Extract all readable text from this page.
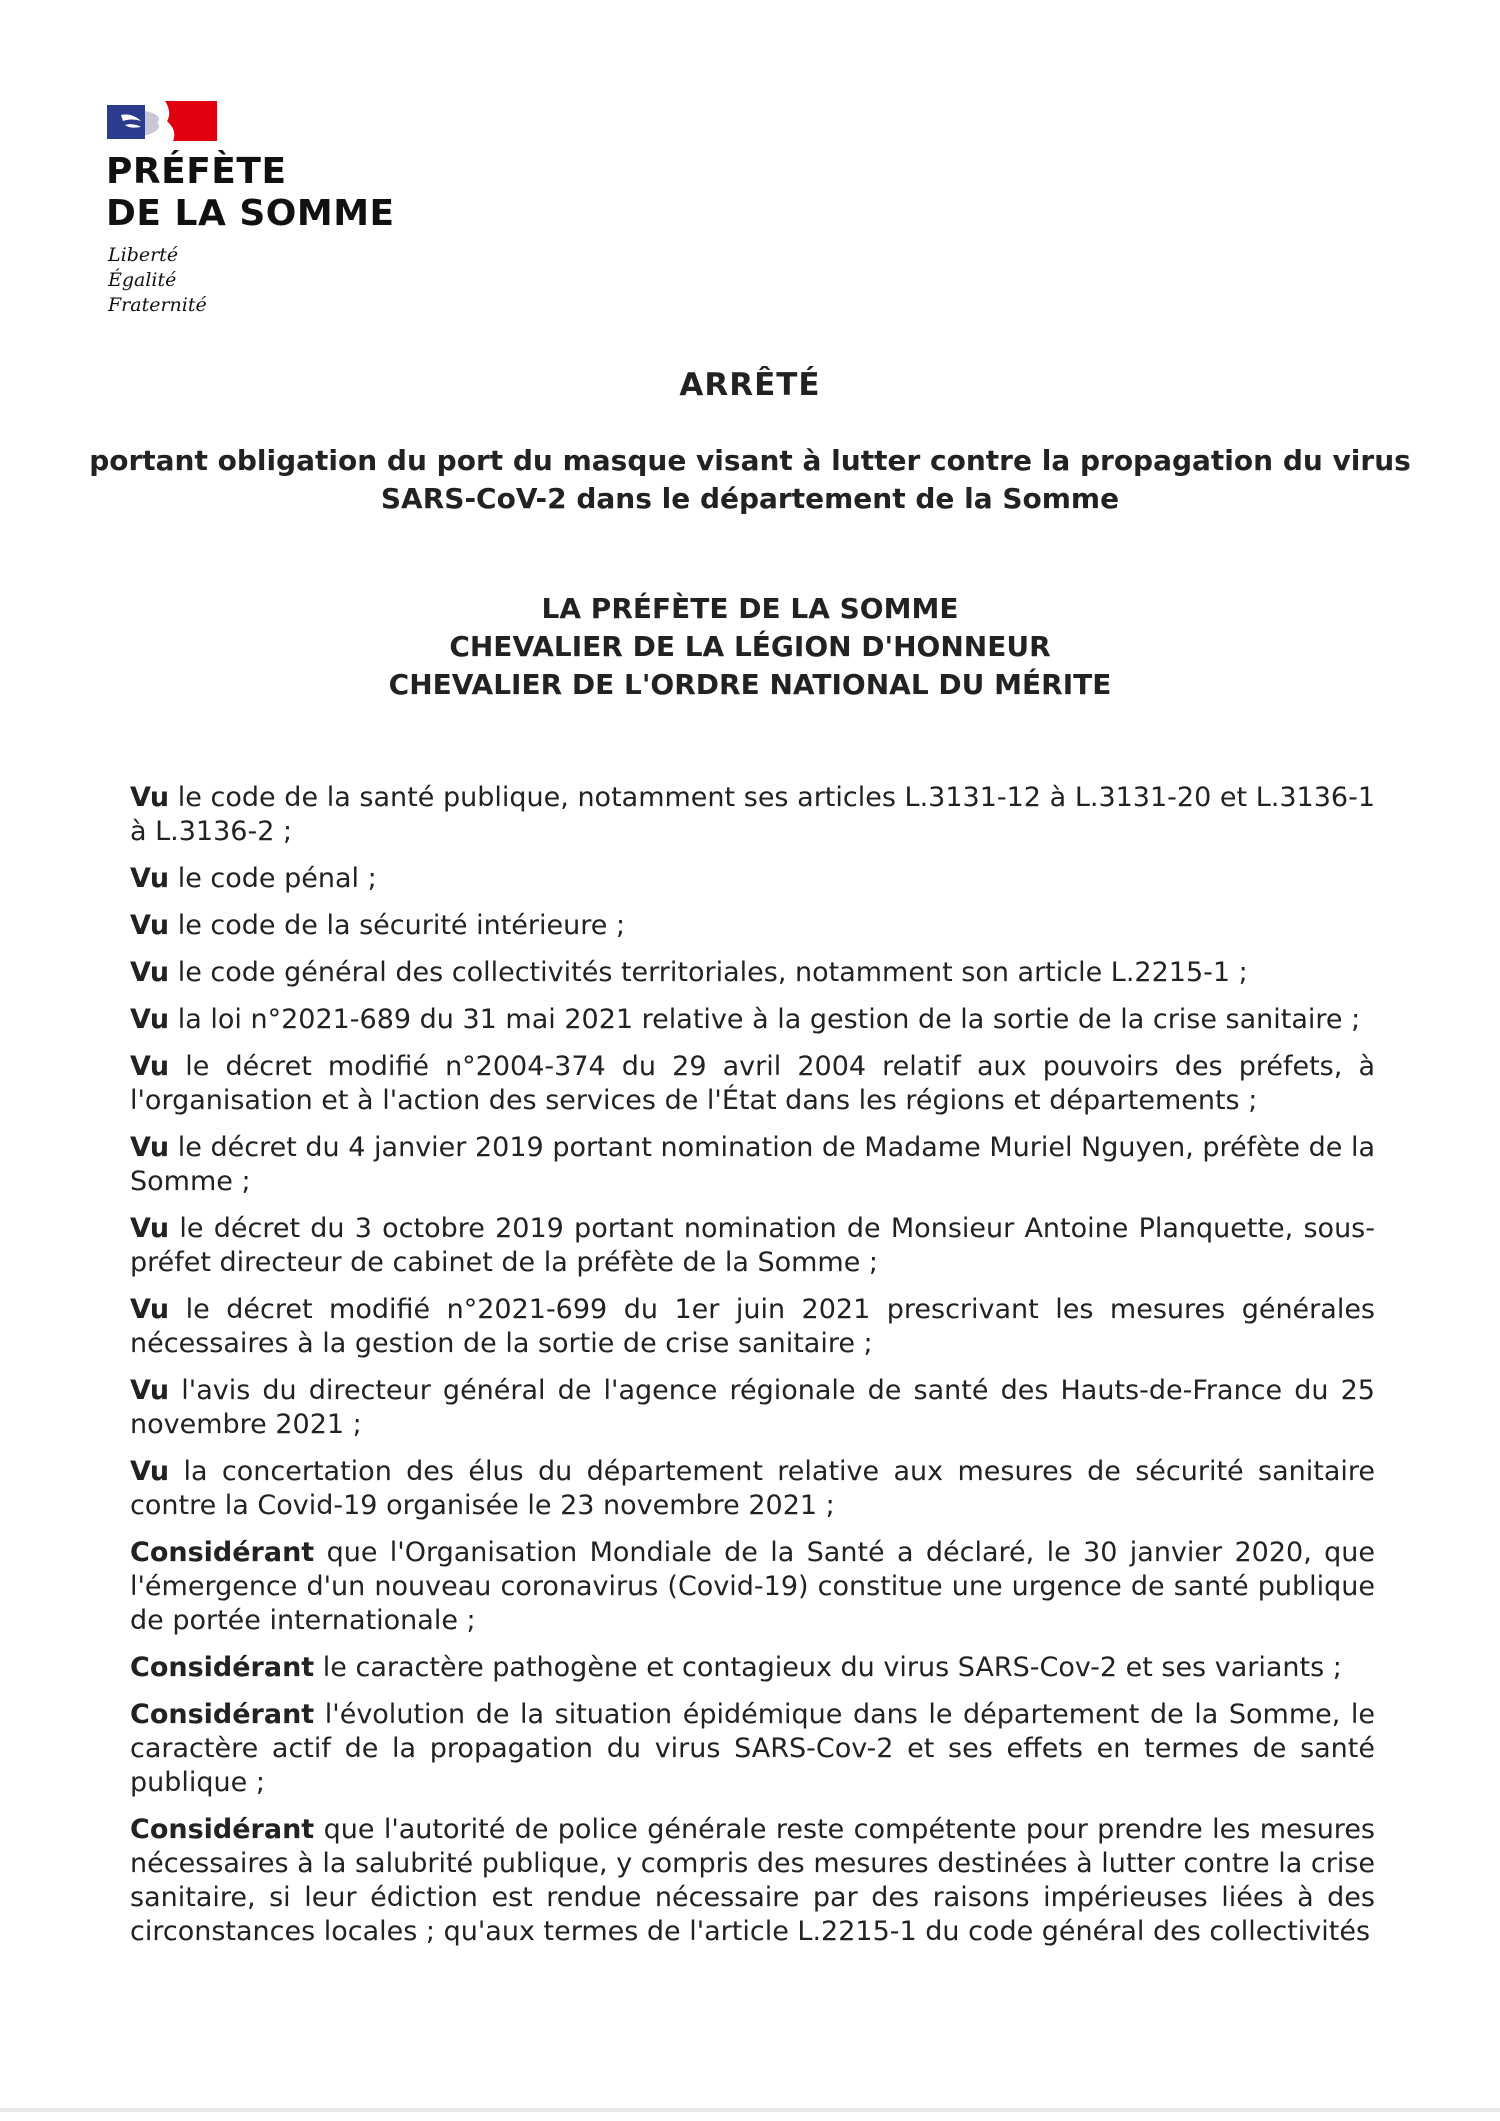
PRÉFÈTE
DE LA SOMME
Liberté
Égalité
Fraternité
ARRÊTÉ
portant obligation du port du masque visant à lutter contre la propagation du virus
SARS-CoV-2 dans le département de la Somme
LA PRÉFÈTE DE LA SOMME
CHEVALIER DE LA LÉGION D'HONNEUR
CHEVALIER DE L'ORDRE NATIONAL DU MÉRITE

Vu le code de la santé publique, notamment ses articles L.3131-12 à L.3131-20 et L.3136-1 à L.3136-2 ;

Vu le code pénal ;

Vu le code de la sécurité intérieure ;

Vu le code général des collectivités territoriales, notamment son article L.2215-1 ;

Vu la loi n°2021-689 du 31 mai 2021 relative à la gestion de la sortie de la crise sanitaire ;

Vu le décret modifié n°2004-374 du 29 avril 2004 relatif aux pouvoirs des préfets, à l'organisation et à l'action des services de l'État dans les régions et départements ;

Vu le décret du 4 janvier 2019 portant nomination de Madame Muriel Nguyen, préfète de la Somme ;

Vu le décret du 3 octobre 2019 portant nomination de Monsieur Antoine Planquette, sous-préfet directeur de cabinet de la préfète de la Somme ;

Vu le décret modifié n°2021-699 du 1er juin 2021 prescrivant les mesures générales nécessaires à la gestion de la sortie de crise sanitaire ;

Vu l'avis du directeur général de l'agence régionale de santé des Hauts-de-France du 25 novembre 2021 ;

Vu la concertation des élus du département relative aux mesures de sécurité sanitaire contre la Covid-19 organisée le 23 novembre 2021 ;

Considérant que l'Organisation Mondiale de la Santé a déclaré, le 30 janvier 2020, que l'émergence d'un nouveau coronavirus (Covid-19) constitue une urgence de santé publique de portée internationale ;

Considérant le caractère pathogène et contagieux du virus SARS-Cov-2 et ses variants ;

Considérant l'évolution de la situation épidémique dans le département de la Somme, le caractère actif de la propagation du virus SARS-Cov-2 et ses effets en termes de santé publique ;

Considérant que l'autorité de police générale reste compétente pour prendre les mesures nécessaires à la salubrité publique, y compris des mesures destinées à lutter contre la crise sanitaire, si leur édiction est rendue nécessaire par des raisons impérieuses liées à des circonstances locales ; qu'aux termes de l'article L.2215-1 du code général des collectivités
